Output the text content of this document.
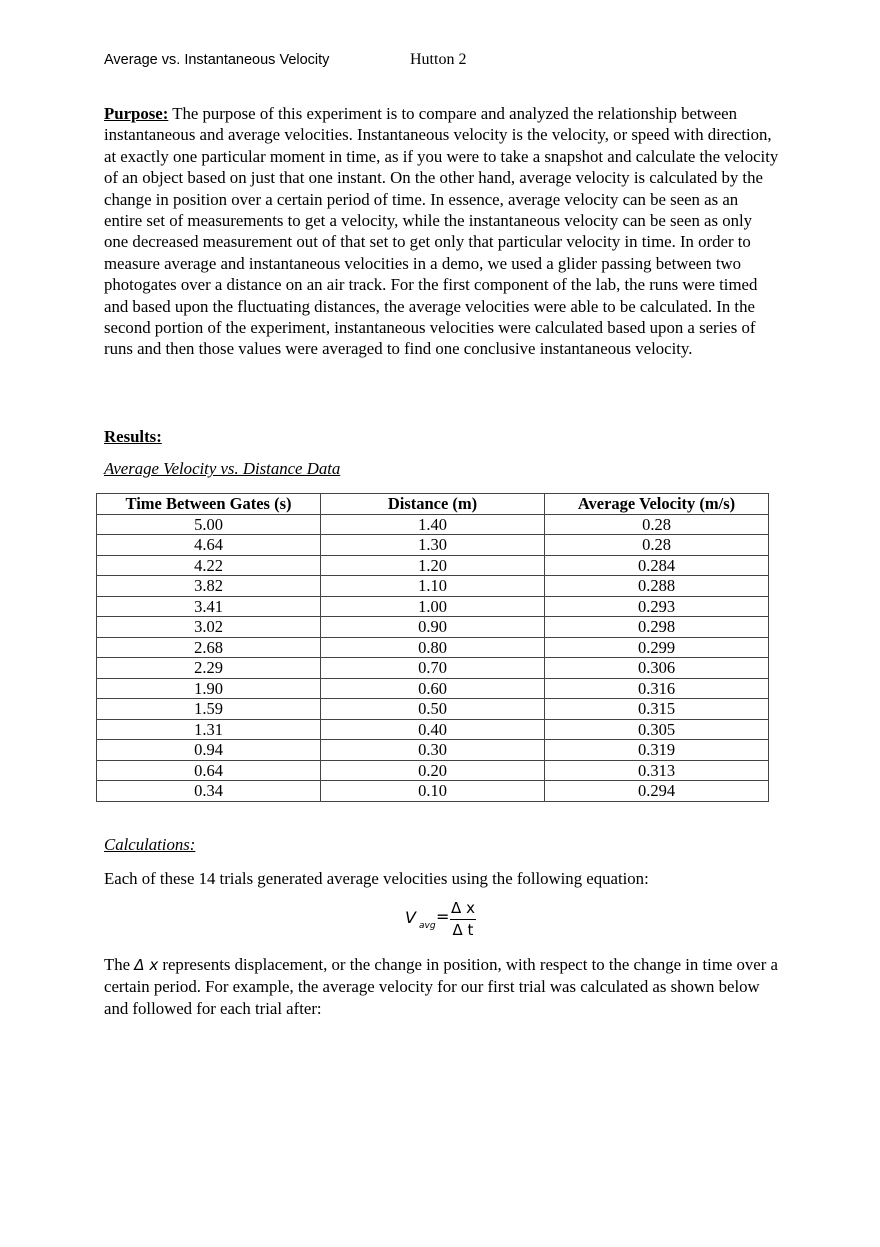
Average vs. Instantaneous Velocity	Hutton 2
Purpose: The purpose of this experiment is to compare and analyzed the relationship between instantaneous and average velocities. Instantaneous velocity is the velocity, or speed with direction, at exactly one particular moment in time, as if you were to take a snapshot and calculate the velocity of an object based on just that one instant. On the other hand, average velocity is calculated by the change in position over a certain period of time. In essence, average velocity can be seen as an entire set of measurements to get a velocity, while the instantaneous velocity can be seen as only one decreased measurement out of that set to get only that particular velocity in time. In order to measure average and instantaneous velocities in a demo, we used a glider passing between two photogates over a distance on an air track. For the first component of the lab, the runs were timed and based upon the fluctuating distances, the average velocities were able to be calculated. In the second portion of the experiment, instantaneous velocities were calculated based upon a series of runs and then those values were averaged to find one conclusive instantaneous velocity.
Results:
Average Velocity vs. Distance Data
Time Between Gates (s)	Distance (m)	Average Velocity (m/s)
5.00	1.40	0.28
4.64	1.30	0.28
4.22	1.20	0.284
3.82	1.10	0.288
3.41	1.00	0.293
3.02	0.90	0.298
2.68	0.80	0.299
2.29	0.70	0.306
1.90	0.60	0.316
1.59	0.50	0.315
1.31	0.40	0.305
0.94	0.30	0.319
0.64	0.20	0.313
0.34	0.10	0.294
Calculations:
Each of these 14 trials generated average velocities using the following equation:
V avg = Δ x
Δ t
The Δ x represents displacement, or the change in position, with respect to the change in time over a certain period. For example, the average velocity for our first trial was calculated as shown below and followed for each trial after:
